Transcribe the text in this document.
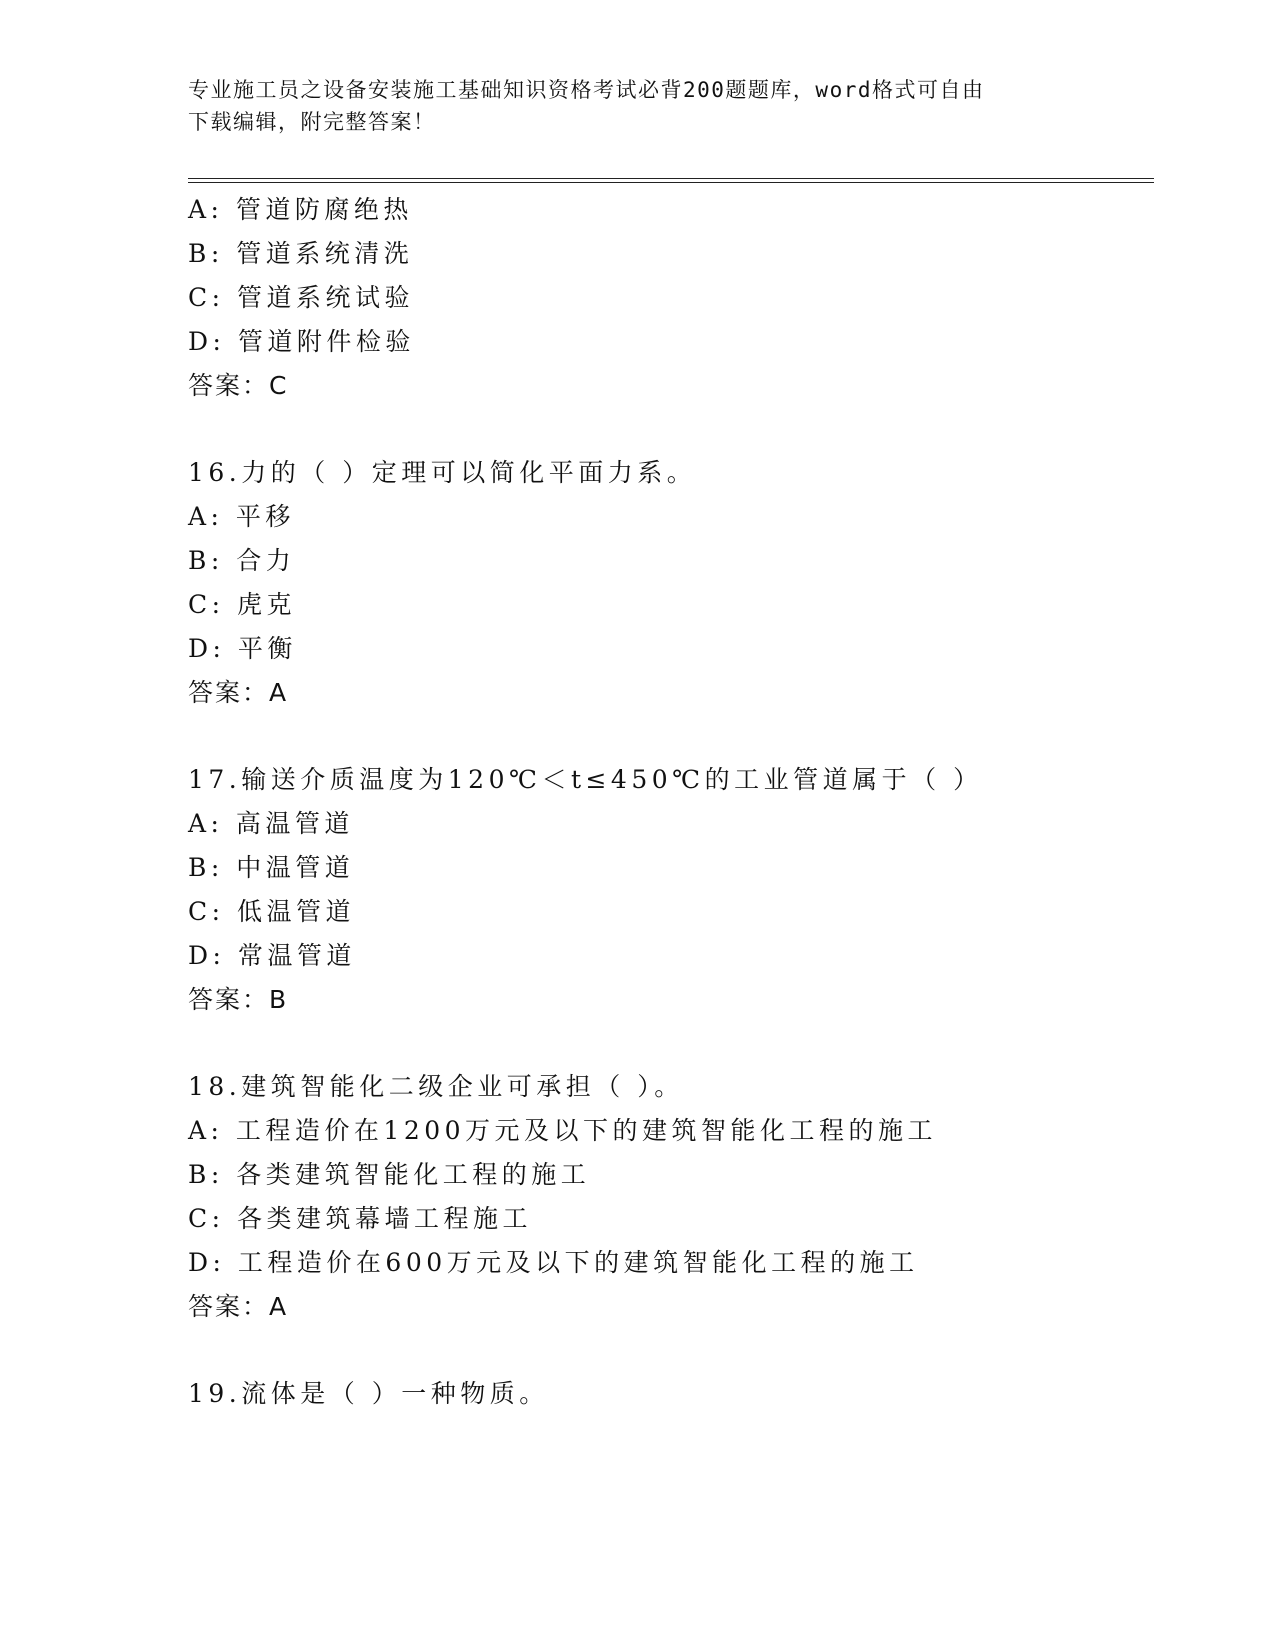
专业施工员之设备安装施工基础知识资格考试必背200题题库，word格式可自由
下载编辑，附完整答案！
A: 管道防腐绝热
B: 管道系统清洗
C: 管道系统试验
D: 管道附件检验
答案：C
16.力的（ ）定理可以简化平面力系。
A: 平移
B: 合力
C: 虎克
D: 平衡
答案：A
17.输送介质温度为120℃＜t≤450℃的工业管道属于（ ）
A: 高温管道
B: 中温管道
C: 低温管道
D: 常温管道
答案：B
18.建筑智能化二级企业可承担（ ）。
A: 工程造价在1200万元及以下的建筑智能化工程的施工
B: 各类建筑智能化工程的施工
C: 各类建筑幕墙工程施工
D: 工程造价在600万元及以下的建筑智能化工程的施工
答案：A
19.流体是（ ）一种物质。
